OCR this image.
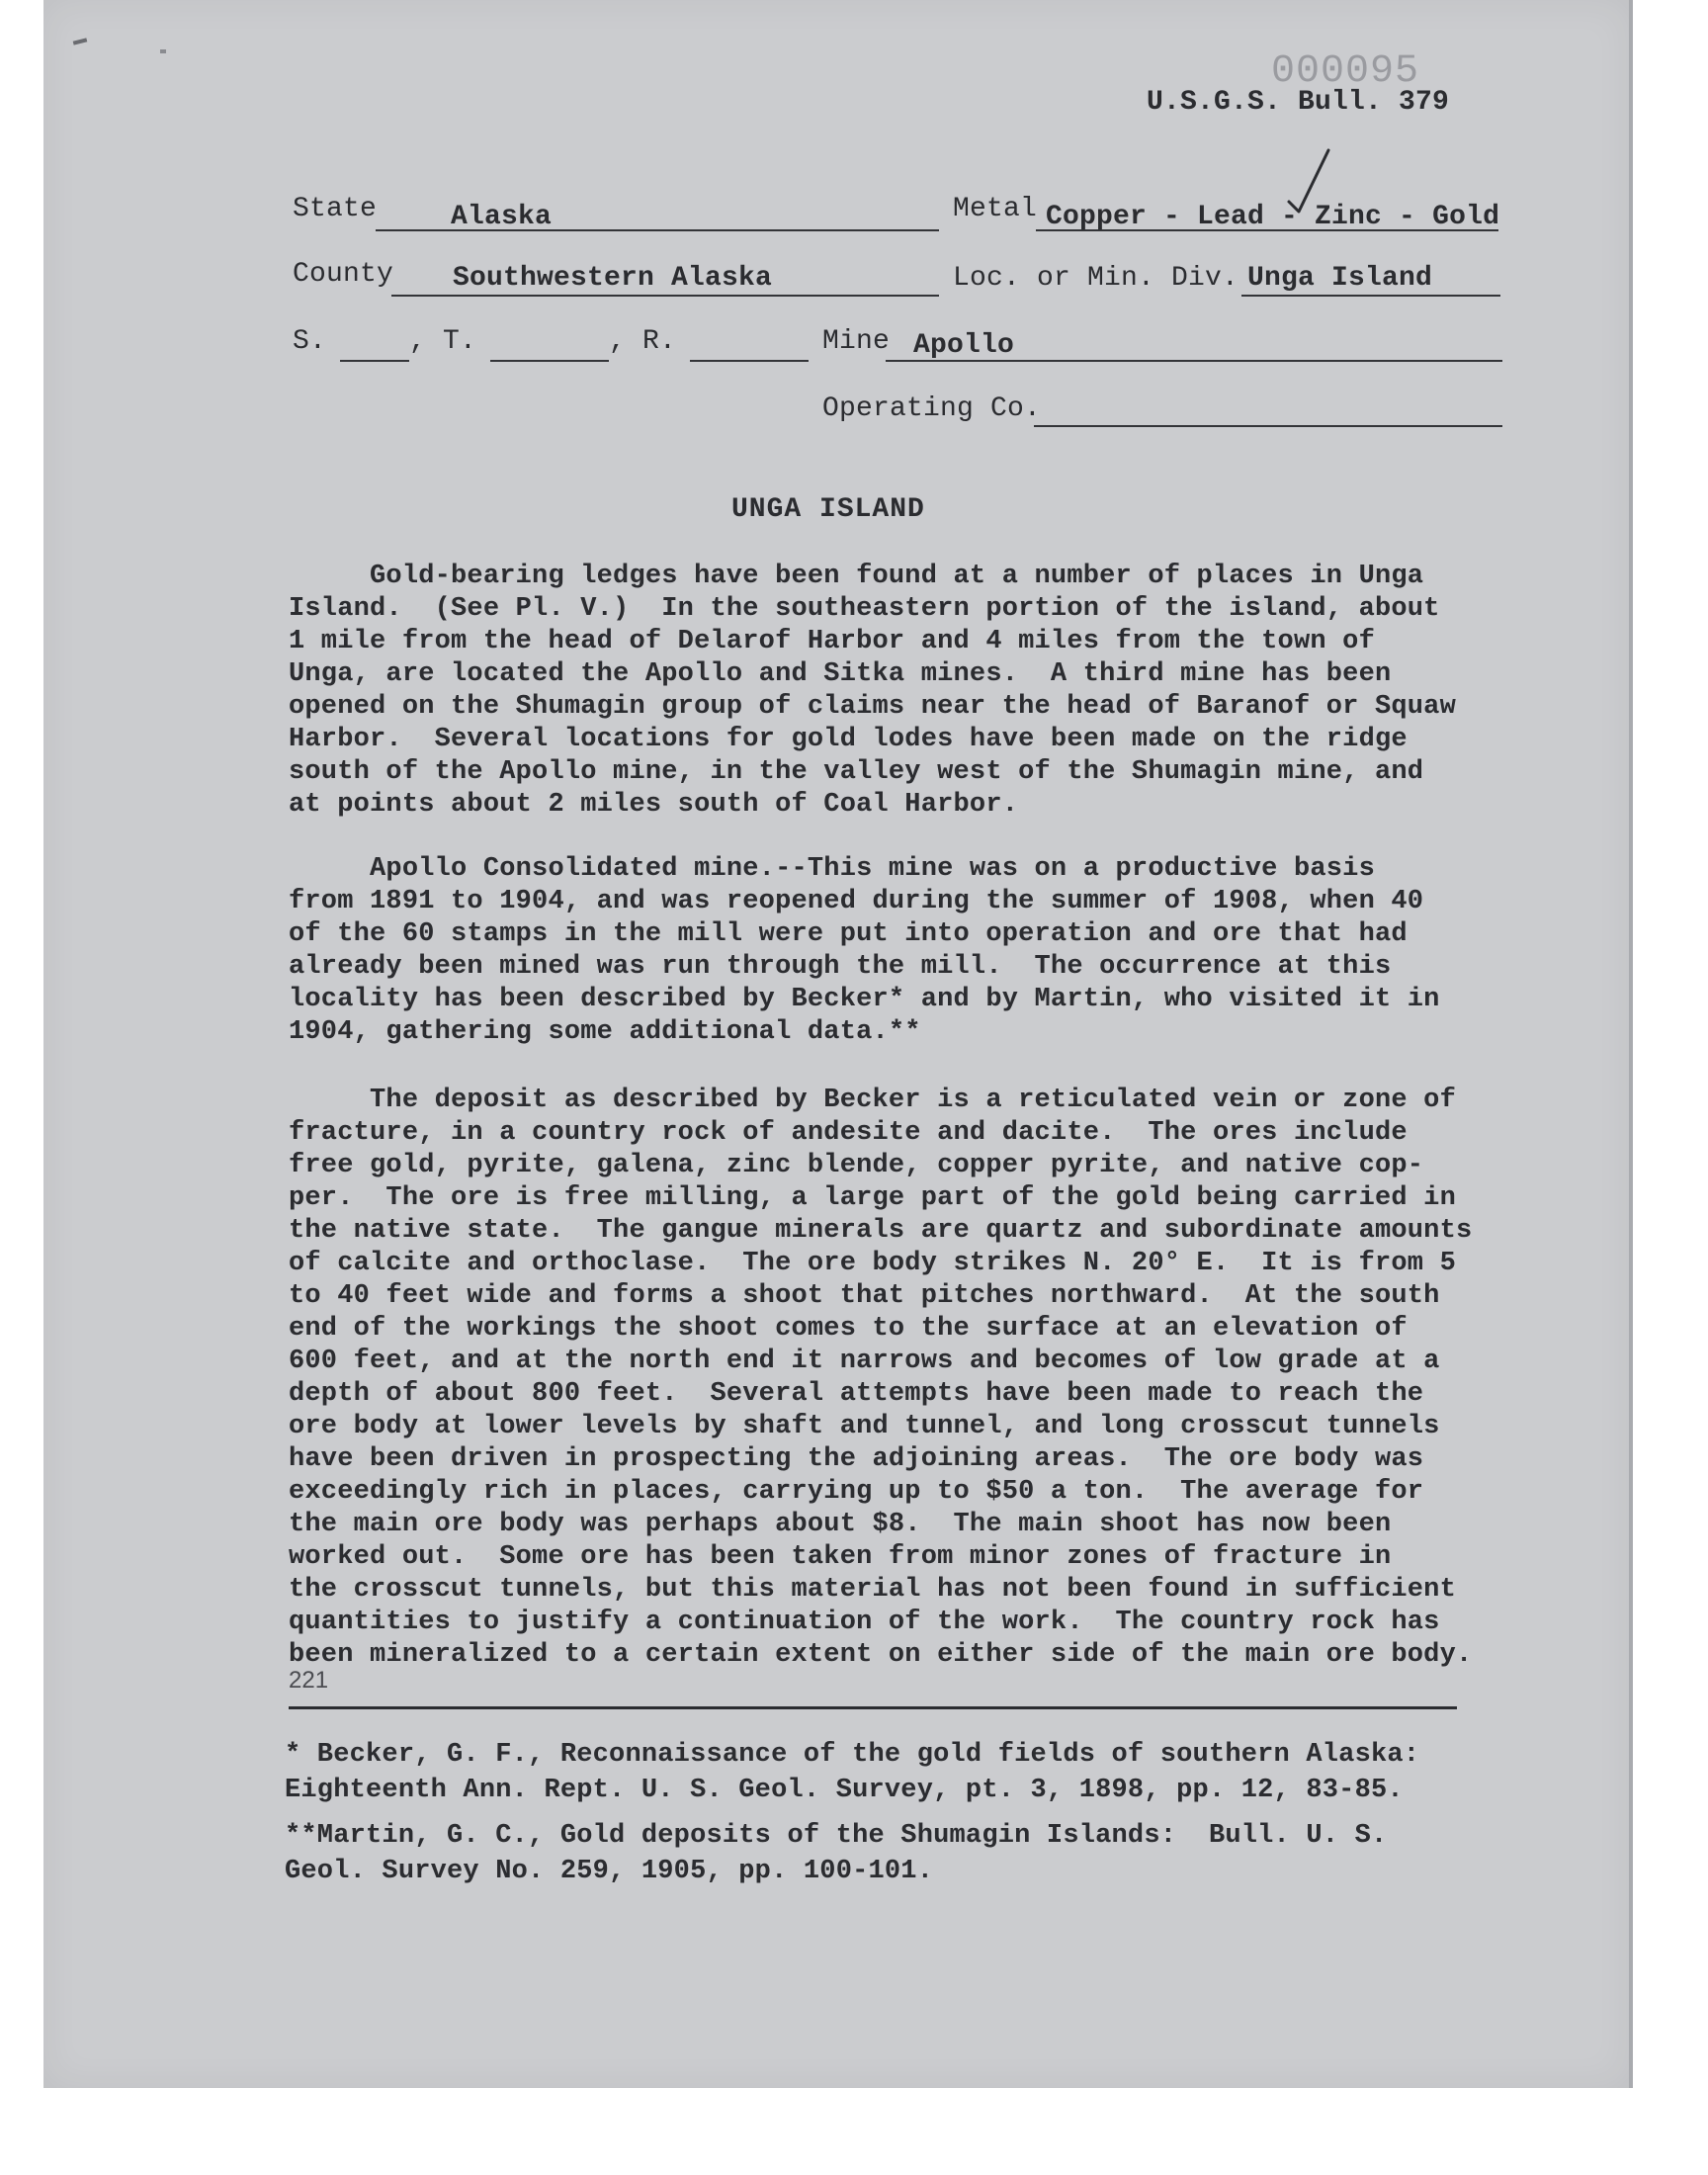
000095
U.S.G.S. Bull. 379
State	Alaska	Metal Copper - Lead - Zinc - Gold
County Southwestern Alaska	Loc. or Min. Div. Unga Island
S.	, T.	, R.	Mine Apollo
Operating Co.
UNGA ISLAND
Gold-bearing ledges have been found at a number of places in Unga
Island.  (See Pl. V.)  In the southeastern portion of the island, about
1 mile from the head of Delarof Harbor and 4 miles from the town of
Unga, are located the Apollo and Sitka mines.  A third mine has been
opened on the Shumagin group of claims near the head of Baranof or Squaw
Harbor.  Several locations for gold lodes have been made on the ridge
south of the Apollo mine, in the valley west of the Shumagin mine, and
at points about 2 miles south of Coal Harbor.
Apollo Consolidated mine.--This mine was on a productive basis
from 1891 to 1904, and was reopened during the summer of 1908, when 40
of the 60 stamps in the mill were put into operation and ore that had
already been mined was run through the mill.  The occurrence at this
locality has been described by Becker* and by Martin, who visited it in
1904, gathering some additional data.**
The deposit as described by Becker is a reticulated vein or zone of
fracture, in a country rock of andesite and dacite.  The ores include
free gold, pyrite, galena, zinc blende, copper pyrite, and native cop-
per.  The ore is free milling, a large part of the gold being carried in
the native state.  The gangue minerals are quartz and subordinate amounts
of calcite and orthoclase.  The ore body strikes N. 20° E.  It is from 5
to 40 feet wide and forms a shoot that pitches northward.  At the south
end of the workings the shoot comes to the surface at an elevation of
600 feet, and at the north end it narrows and becomes of low grade at a
depth of about 800 feet.  Several attempts have been made to reach the
ore body at lower levels by shaft and tunnel, and long crosscut tunnels
have been driven in prospecting the adjoining areas.  The ore body was
exceedingly rich in places, carrying up to $50 a ton.  The average for
the main ore body was perhaps about $8.  The main shoot has now been
worked out.  Some ore has been taken from minor zones of fracture in
the crosscut tunnels, but this material has not been found in sufficient
quantities to justify a continuation of the work.  The country rock has
been mineralized to a certain extent on either side of the main ore body.
221
* Becker, G. F., Reconnaissance of the gold fields of southern Alaska:
Eighteenth Ann. Rept. U. S. Geol. Survey, pt. 3, 1898, pp. 12, 83-85.
**Martin, G. C., Gold deposits of the Shumagin Islands:  Bull. U. S.
Geol. Survey No. 259, 1905, pp. 100-101.
